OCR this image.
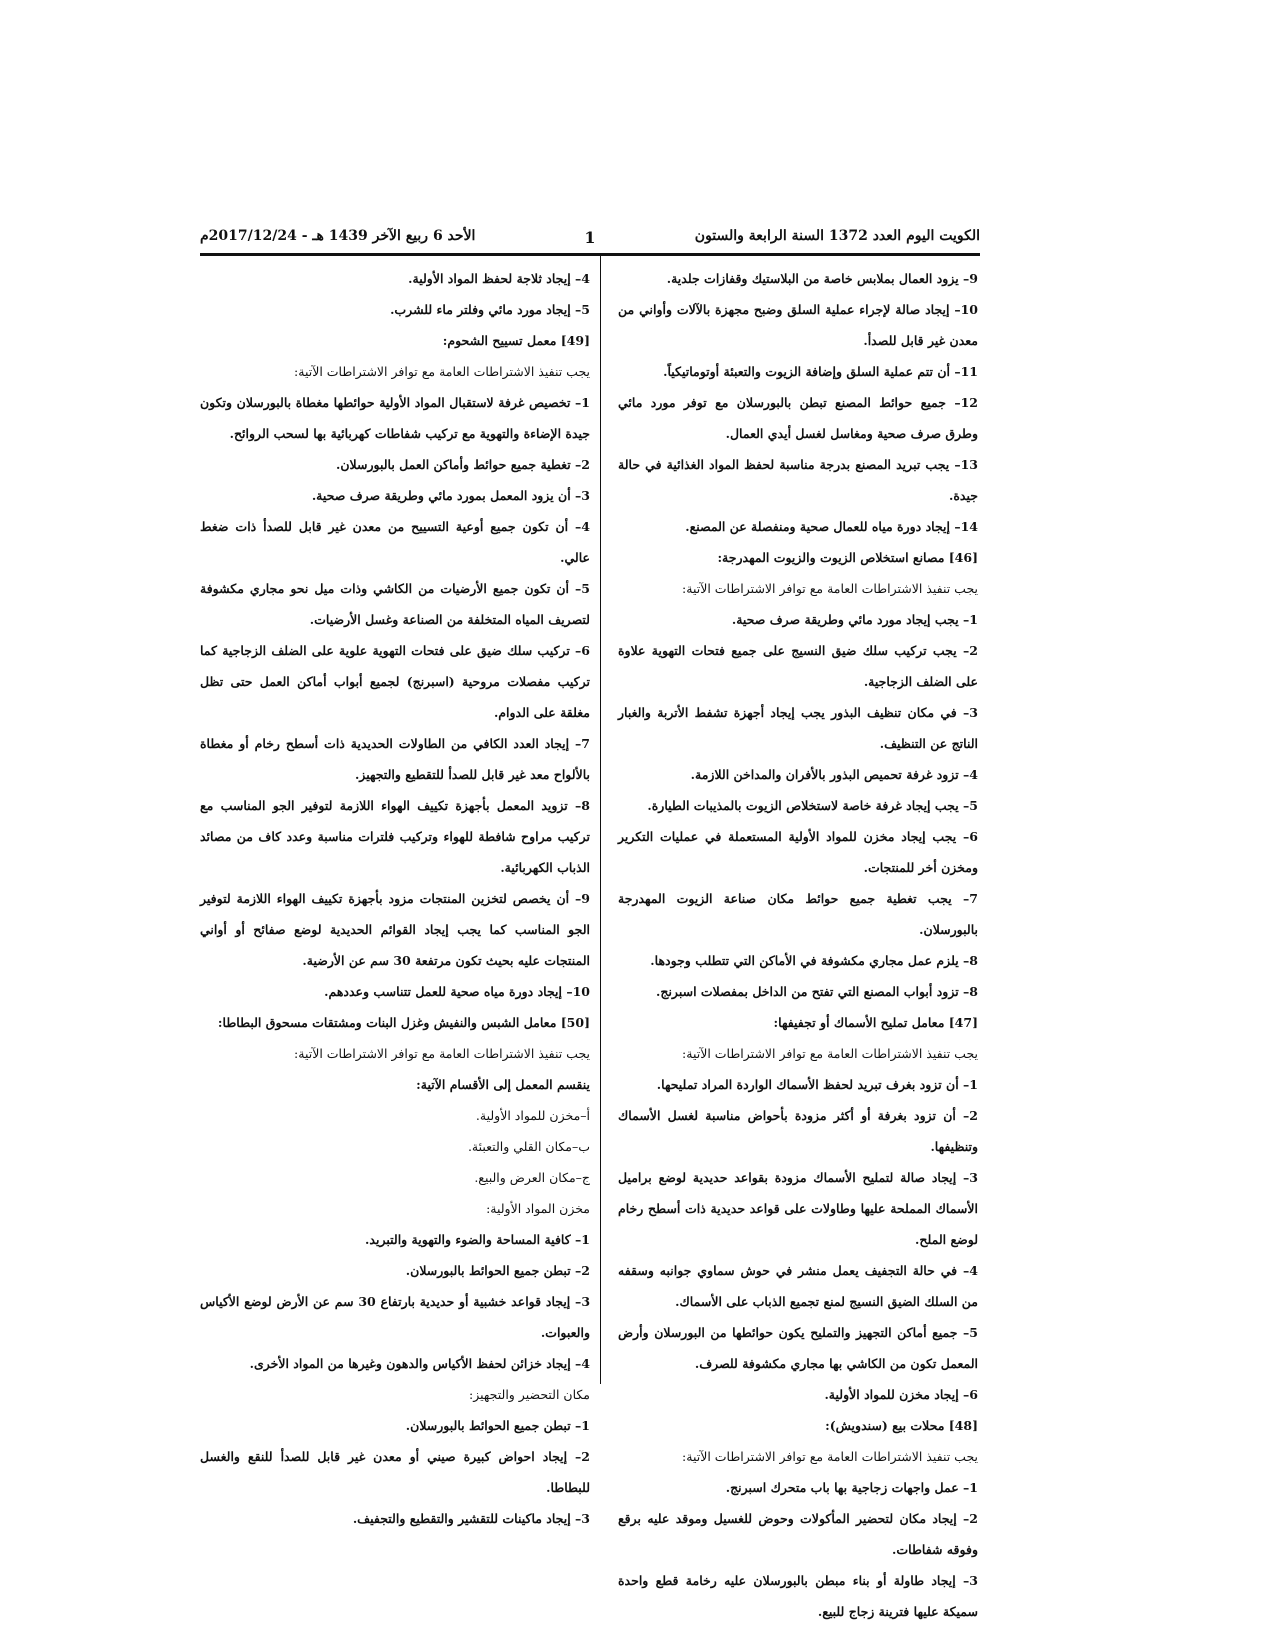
الكويت اليوم العدد 1372 السنة الرابعة والستون
1
الأحد 6 ربيع الآخر 1439 هـ - 2017/12/24م

9– يزود العمال بملابس خاصة من البلاستيك وقفازات جلدية.

10– إيجاد صالة لإجراء عملية السلق وضبح مجهزة بالآلات وأواني من معدن غير قابل للصدأ.

11– أن تتم عملية السلق وإضافة الزيوت والتعبئة أوتوماتيكياً.

12– جميع حوائط المصنع تبطن بالبورسلان مع توفر مورد مائي وطرق صرف صحية ومغاسل لغسل أيدي العمال.

13– يجب تبريد المصنع بدرجة مناسبة لحفظ المواد الغذائية في حالة جيدة.

14– إيجاد دورة مياه للعمال صحية ومنفصلة عن المصنع.

[46] مصانع استخلاص الزيوت والزيوت المهدرجة:

يجب تنفيذ الاشتراطات العامة مع توافر الاشتراطات الآتية:

1– يجب إيجاد مورد مائي وطريقة صرف صحية.

2– يجب تركيب سلك ضيق النسيج على جميع فتحات التهوية علاوة على الضلف الزجاجية.

3– في مكان تنظيف البذور يجب إيجاد أجهزة تشفط الأتربة والغبار الناتج عن التنظيف.

4– تزود غرفة تحميص البذور بالأفران والمداخن اللازمة.

5– يجب إيجاد غرفة خاصة لاستخلاص الزيوت بالمذيبات الطيارة.

6– يجب إيجاد مخزن للمواد الأولية المستعملة في عمليات التكرير ومخزن أخر للمنتجات.

7– يجب تغطية جميع حوائط مكان صناعة الزيوت المهدرجة بالبورسلان.

8– يلزم عمل مجاري مكشوفة في الأماكن التي تتطلب وجودها.

8– تزود أبواب المصنع التي تفتح من الداخل بمفصلات اسبرنج.

[47] معامل تمليح الأسماك أو تجفيفها:

يجب تنفيذ الاشتراطات العامة مع توافر الاشتراطات الآتية:

1– أن تزود بغرف تبريد لحفظ الأسماك الواردة المراد تمليحها.

2– أن تزود بغرفة أو أكثر مزودة بأحواض مناسبة لغسل الأسماك وتنظيفها.

3– إيجاد صالة لتمليح الأسماك مزودة بقواعد حديدية لوضع براميل الأسماك المملحة عليها وطاولات على قواعد حديدية ذات أسطح رخام لوضع الملح.

4– في حالة التجفيف يعمل منشر في حوش سماوي جوانبه وسقفه من السلك الضيق النسيج لمنع تجميع الذباب على الأسماك.

5– جميع أماكن التجهيز والتمليح يكون حوائطها من البورسلان وأرض المعمل تكون من الكاشي بها مجاري مكشوفة للصرف.

6– إيجاد مخزن للمواد الأولية.

[48] محلات بيع (سندويش):

يجب تنفيذ الاشتراطات العامة مع توافر الاشتراطات الآتية:

1– عمل واجهات زجاجية بها باب متحرك اسبرنج.

2– إيجاد مكان لتحضير المأكولات وحوض للغسيل وموقد عليه برقع وفوقه شفاطات.

3– إيجاد طاولة أو بناء مبطن بالبورسلان عليه رخامة قطع واحدة سميكة عليها فترينة زجاج للبيع.

4– إيجاد ثلاجة لحفظ المواد الأولية.

5– إيجاد مورد مائي وفلتر ماء للشرب.

[49] معمل تسييح الشحوم:

يجب تنفيذ الاشتراطات العامة مع توافر الاشتراطات الآتية:

1– تخصيص غرفة لاستقبال المواد الأولية حوائطها مغطاة بالبورسلان وتكون جيدة الإضاءة والتهوية مع تركيب شفاطات كهربائية بها لسحب الروائح.

2– تغطية جميع حوائط وأماكن العمل بالبورسلان.

3– أن يزود المعمل بمورد مائي وطريقة صرف صحية.

4– أن تكون جميع أوعية التسييح من معدن غير قابل للصدأ ذات ضغط عالي.

5– أن تكون جميع الأرضيات من الكاشي وذات ميل نحو مجاري مكشوفة لتصريف المياه المتخلفة من الصناعة وغسل الأرضيات.

6– تركيب سلك ضيق على فتحات التهوية علوية على الضلف الزجاجية كما تركيب مفصلات مروحية (اسبرنج) لجميع أبواب أماكن العمل حتى تظل مغلقة على الدوام.

7– إيجاد العدد الكافي من الطاولات الحديدية ذات أسطح رخام أو مغطاة بالألواح معد غير قابل للصدأ للتقطيع والتجهيز.

8– تزويد المعمل بأجهزة تكييف الهواء اللازمة لتوفير الجو المناسب مع تركيب مراوح شافطة للهواء وتركيب فلترات مناسبة وعدد كاف من مصائد الذباب الكهربائية.

9– أن يخصص لتخزين المنتجات مزود بأجهزة تكييف الهواء اللازمة لتوفير الجو المناسب كما يجب إيجاد القوائم الحديدية لوضع صفائح أو أواني المنتجات عليه بحيث تكون مرتفعة 30 سم عن الأرضية.

10– إيجاد دورة مياه صحية للعمل تتناسب وعددهم.

[50] معامل الشبس والنفيش وغزل البنات ومشتقات مسحوق البطاطا:

يجب تنفيذ الاشتراطات العامة مع توافر الاشتراطات الآتية:

ينقسم المعمل إلى الأقسام الآتية:

أ–مخزن للمواد الأولية.

ب–مكان القلي والتعبئة.

ج–مكان العرض والبيع.

مخزن المواد الأولية:

1– كافية المساحة والضوء والتهوية والتبريد.

2– تبطن جميع الحوائط بالبورسلان.

3– إيجاد قواعد خشبية أو حديدية بارتفاع 30 سم عن الأرض لوضع الأكياس والعبوات.

4– إيجاد خزائن لحفظ الأكياس والدهون وغيرها من المواد الأخرى.

مكان التحضير والتجهيز:

1– تبطن جميع الحوائط بالبورسلان.

2– إيجاد احواض كبيرة صيني أو معدن غير قابل للصدأ للنقع والغسل للبطاطا.

3– إيجاد ماكينات للتقشير والتقطيع والتجفيف.
